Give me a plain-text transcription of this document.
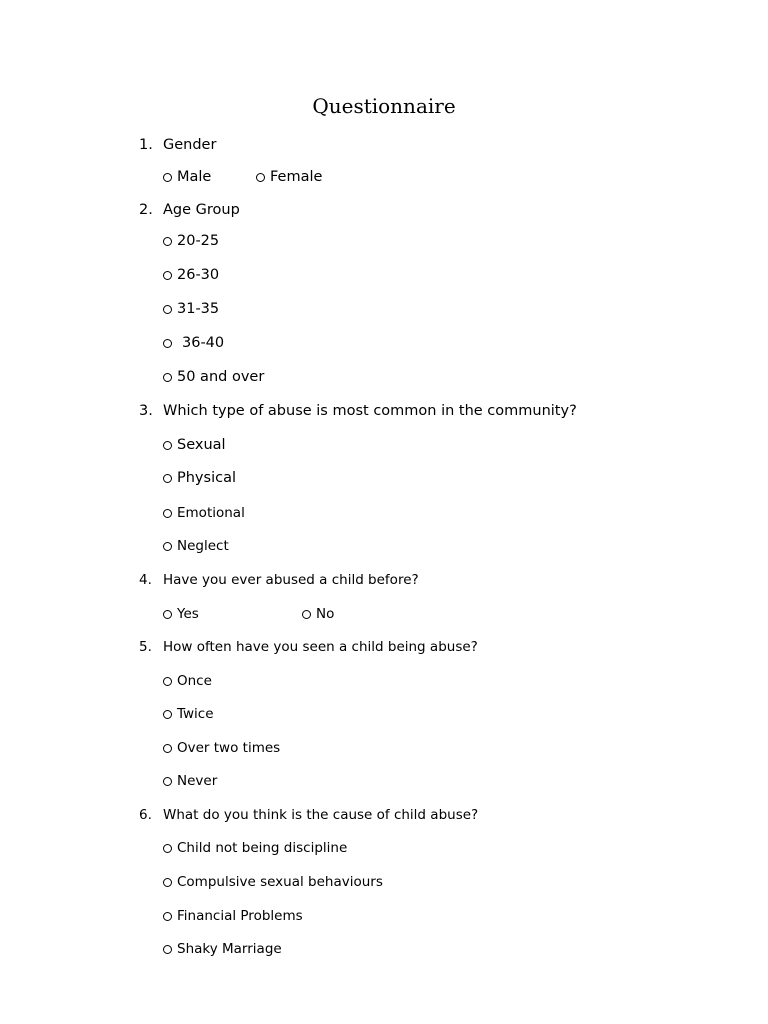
Questionnaire
1. Gender
Male	Female
2. Age Group
20-25
26-30
31-35
36-40
50 and over
3. Which type of abuse is most common in the community?
Sexual
Physical
Emotional
Neglect
4. Have you ever abused a child before?
Yes	No
5. How often have you seen a child being abuse?
Once
Twice
Over two times
Never
6. What do you think is the cause of child abuse?
Child not being discipline
Compulsive sexual behaviours
Financial Problems
Shaky Marriage
